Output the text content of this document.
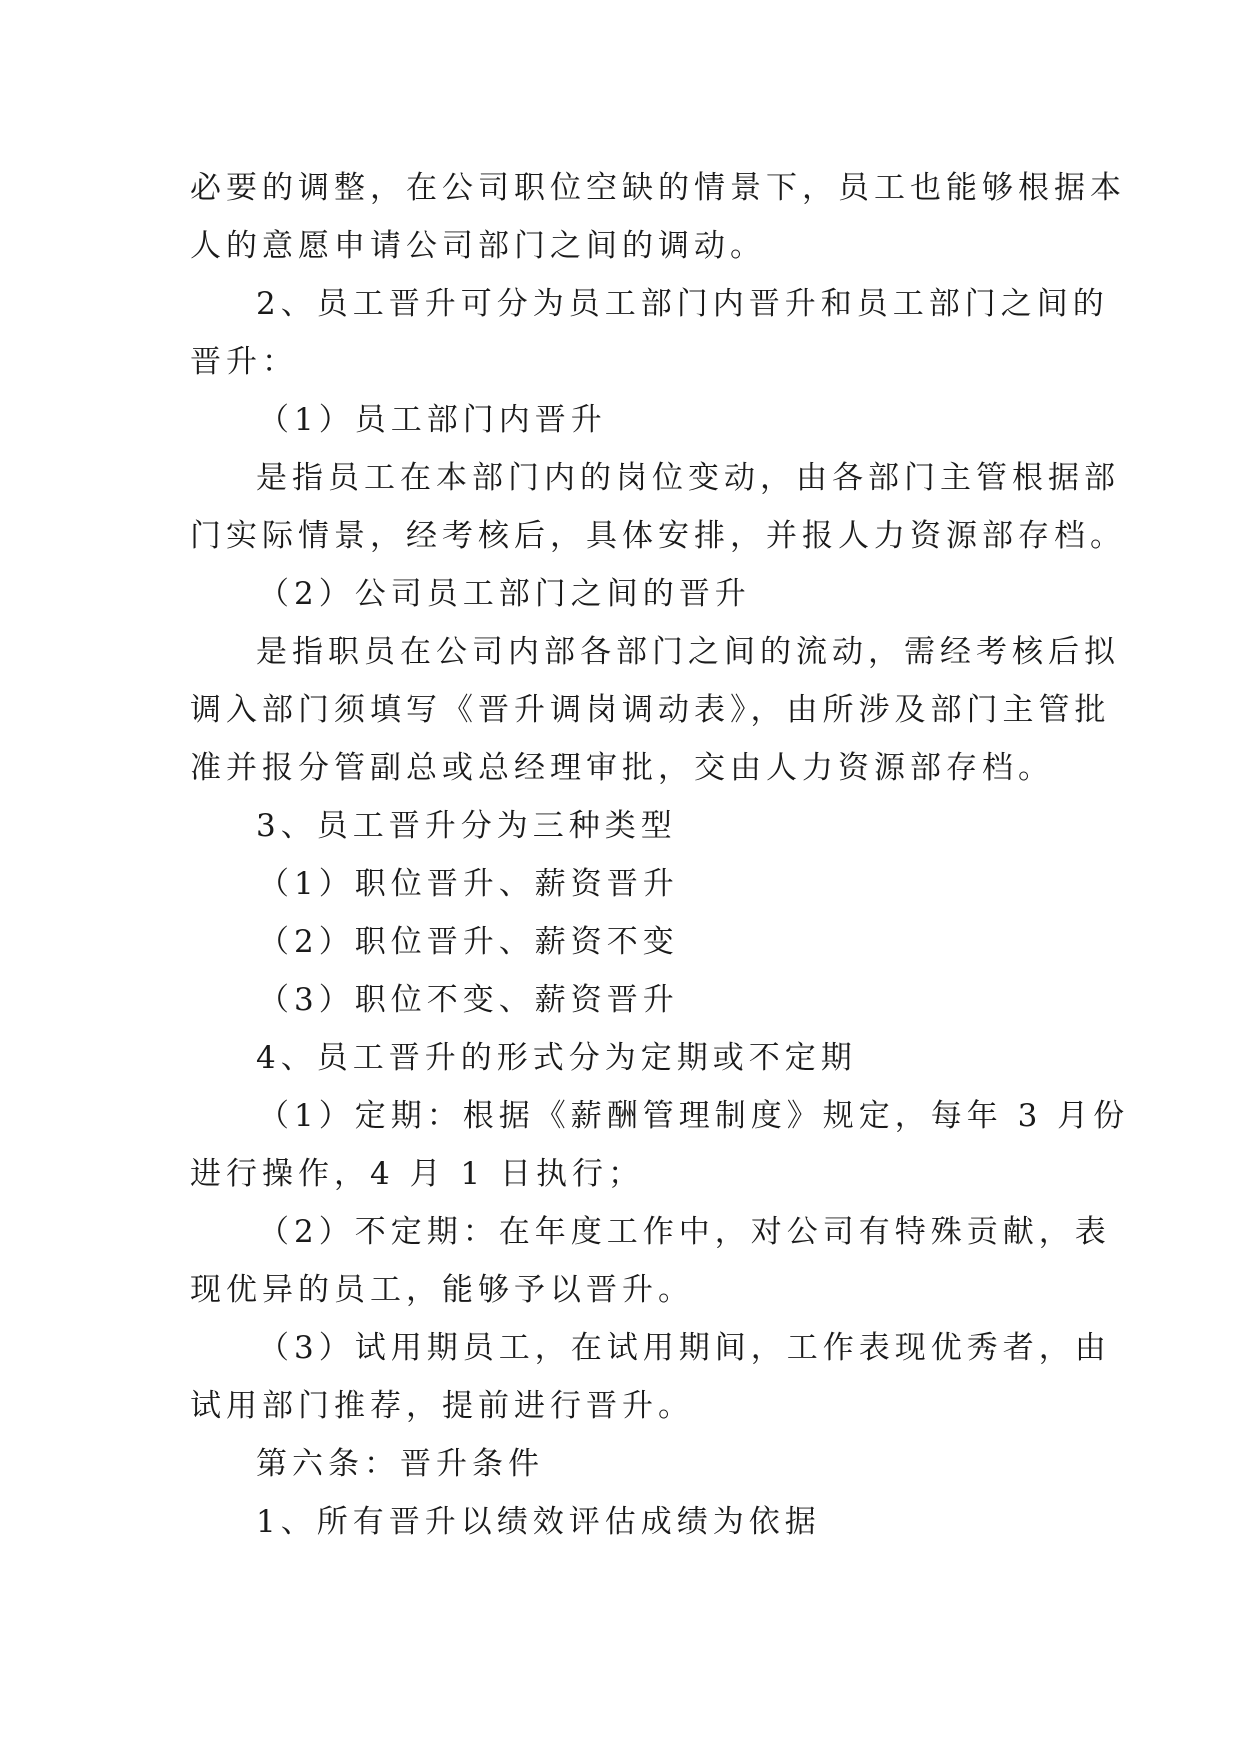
必要的调整，在公司职位空缺的情景下，员工也能够根据本
人的意愿申请公司部门之间的调动。
2、员工晋升可分为员工部门内晋升和员工部门之间的
晋升：
（1）员工部门内晋升
是指员工在本部门内的岗位变动，由各部门主管根据部
门实际情景，经考核后，具体安排，并报人力资源部存档。
（2）公司员工部门之间的晋升
是指职员在公司内部各部门之间的流动，需经考核后拟
调入部门须填写《晋升调岗调动表》，由所涉及部门主管批
准并报分管副总或总经理审批，交由人力资源部存档。
3、员工晋升分为三种类型
（1）职位晋升、薪资晋升
（2）职位晋升、薪资不变
（3）职位不变、薪资晋升
4、员工晋升的形式分为定期或不定期
（1）定期：根据《薪酬管理制度》规定，每年 3 月份
进行操作，4 月 1 日执行；
（2）不定期：在年度工作中，对公司有特殊贡献，表
现优异的员工，能够予以晋升。
（3）试用期员工，在试用期间，工作表现优秀者，由
试用部门推荐，提前进行晋升。
第六条：晋升条件
1、所有晋升以绩效评估成绩为依据
